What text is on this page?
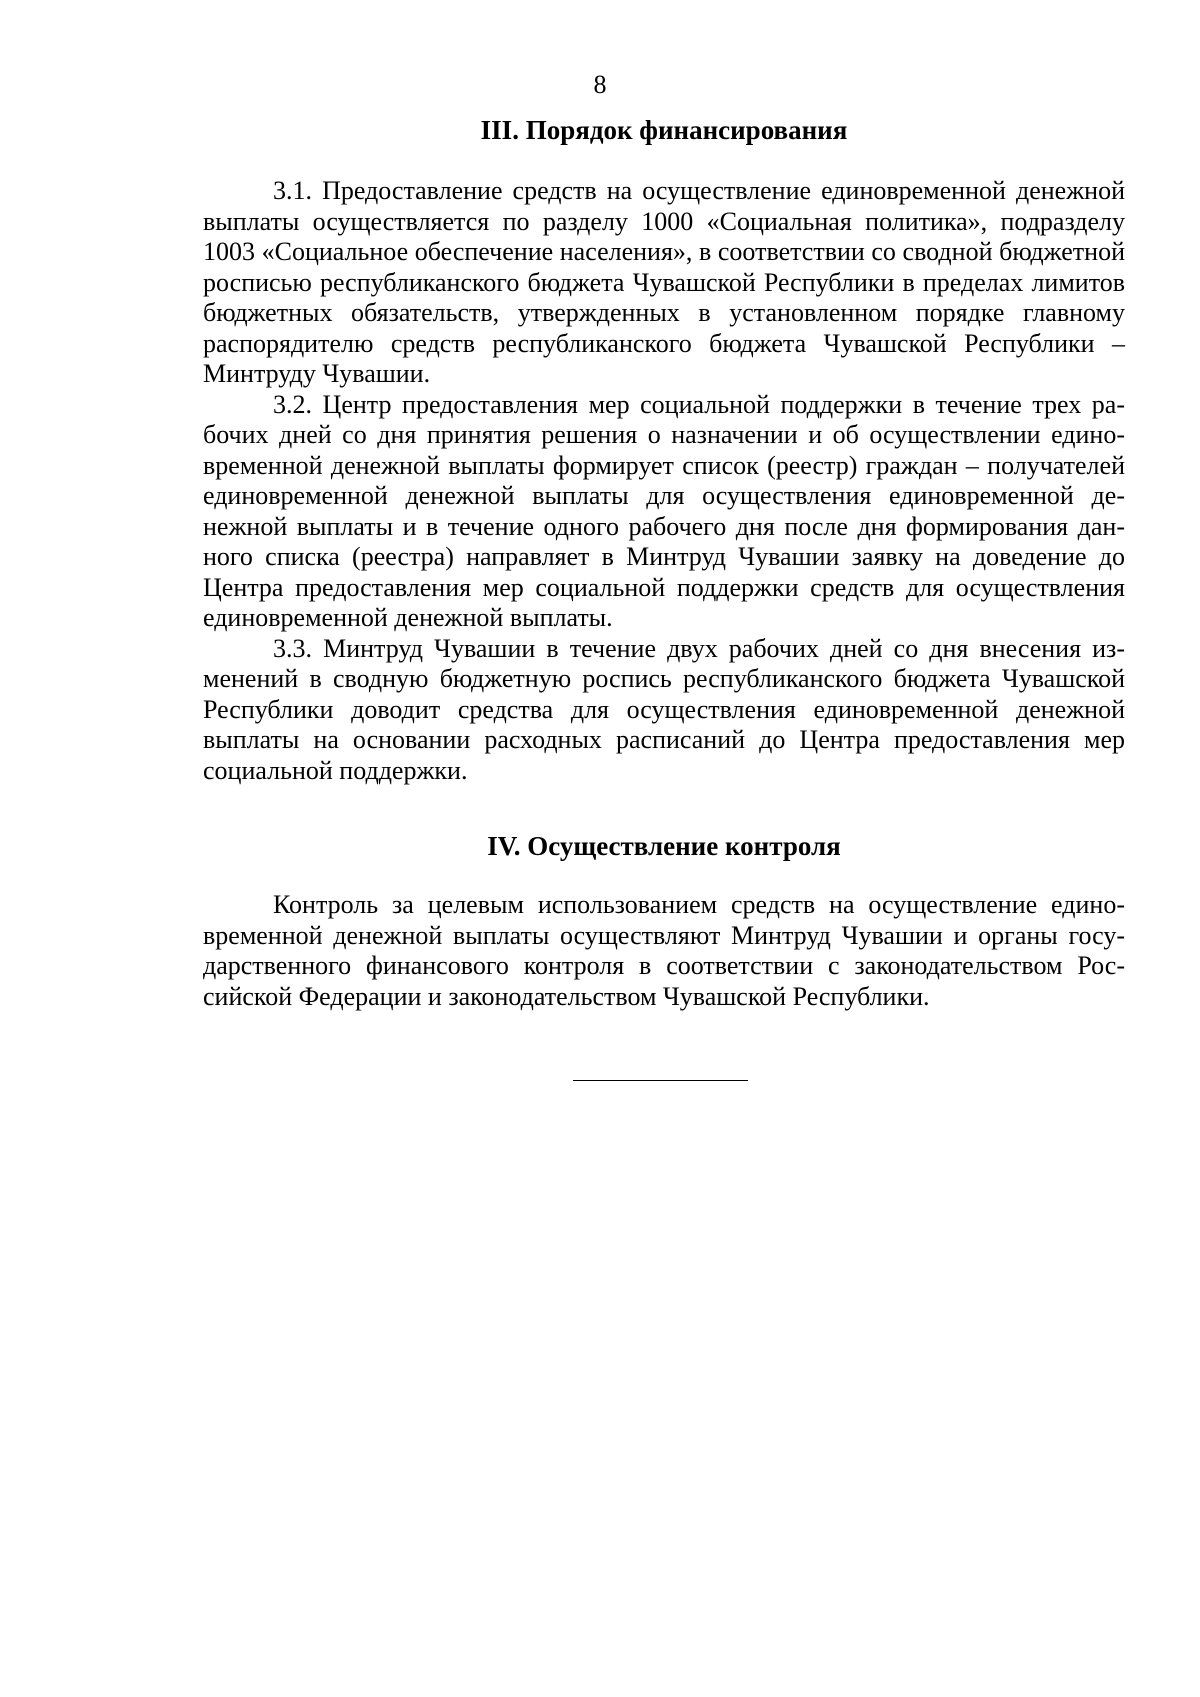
8
III. Порядок финансирования

3.1. Предоставление средств на осуществление единовременной денежной выплаты осуществляется по разделу 1000 «Социальная политика», подразделу 1003 «Социальное обеспечение населения», в соответствии со сводной бюджетной росписью республиканского бюджета Чувашской Республики в пределах лимитов бюджетных обязательств, утвержденных в установленном порядке главному распорядителю средств республиканского бюджета Чувашской Республики – Минтруду Чувашии.

3.2. Центр предоставления мер социальной поддержки в течение трех рабочих дней со дня принятия решения о назначении и об осуществлении единовременной денежной выплаты формирует список (реестр) граждан – получателей единовременной денежной выплаты для осуществления единовременной денежной выплаты и в течение одного рабочего дня после дня формирования данного списка (реестра) направляет в Минтруд Чувашии заявку на доведение до Центра предоставления мер социальной поддержки средств для осуществления единовременной денежной выплаты.

3.3. Минтруд Чувашии в течение двух рабочих дней со дня внесения изменений в сводную бюджетную роспись республиканского бюджета Чувашской Республики доводит средства для осуществления единовременной денежной выплаты на основании расходных расписаний до Центра предоставления мер социальной поддержки.

IV. Осуществление контроля

Контроль за целевым использованием средств на осуществление единовременной денежной выплаты осуществляют Минтруд Чувашии и органы государственного финансового контроля в соответствии с законодательством Российской Федерации и законодательством Чувашской Республики.
